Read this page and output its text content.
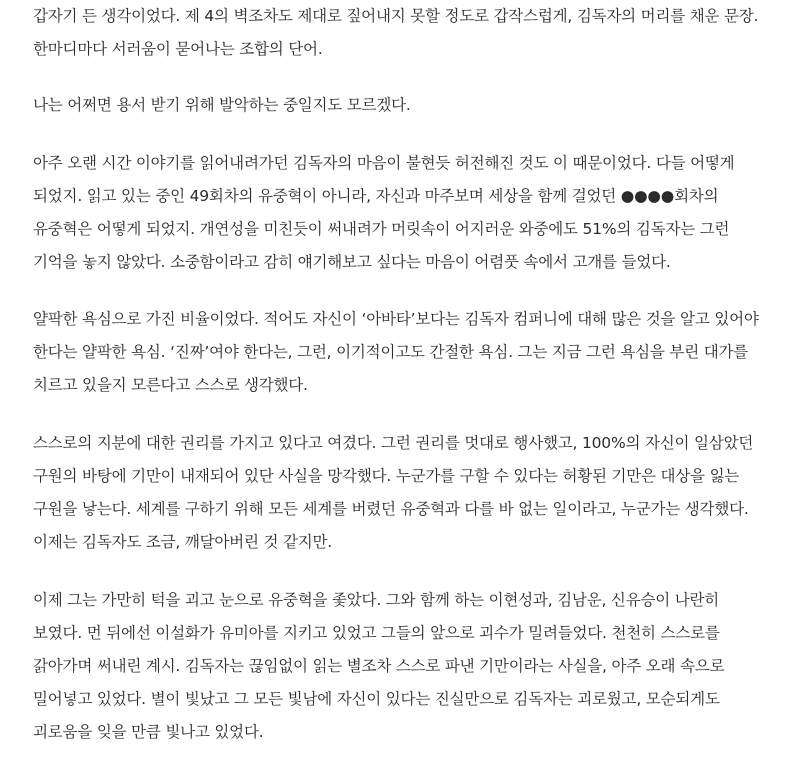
갑자기 든 생각이었다. 제 4의 벽조차도 제대로 짚어내지 못할 정도로 갑작스럽게, 김독자의 머리를 채운 문장. 한마디마다 서러움이 묻어나는 조합의 단어.

나는 어쩌면 용서 받기 위해 발악하는 중일지도 모르겠다.

아주 오랜 시간 이야기를 읽어내려가던 김독자의 마음이 불현듯 허전해진 것도 이 때문이었다. 다들 어떻게 되었지. 읽고 있는 중인 49회차의 유중혁이 아니라, 자신과 마주보며 세상을 함께 걸었던 ●●●●회차의 유중혁은 어떻게 되었지. 개연성을 미친듯이 써내려가 머릿속이 어지러운 와중에도 51%의 김독자는 그런 기억을 놓지 않았다. 소중함이라고 감히 얘기해보고 싶다는 마음이 어렴풋 속에서 고개를 들었다.

얄팍한 욕심으로 가진 비율이었다. 적어도 자신이 ‘아바타’보다는 김독자 컴퍼니에 대해 많은 것을 알고 있어야 한다는 얄팍한 욕심. ‘진짜’여야 한다는, 그런, 이기적이고도 간절한 욕심. 그는 지금 그런 욕심을 부린 대가를 치르고 있을지 모른다고 스스로 생각했다.

스스로의 지분에 대한 권리를 가지고 있다고 여겼다. 그런 권리를 멋대로 행사했고, 100%의 자신이 일삼았던 구원의 바탕에 기만이 내재되어 있단 사실을 망각했다. 누군가를 구할 수 있다는 허황된 기만은 대상을 잃는 구원을 낳는다. 세계를 구하기 위해 모든 세계를 버렸던 유중혁과 다를 바 없는 일이라고, 누군가는 생각했다. 이제는 김독자도 조금, 깨달아버린 것 같지만.

이제 그는 가만히 턱을 괴고 눈으로 유중혁을 좇았다. 그와 함께 하는 이현성과, 김남운, 신유승이 나란히 보였다. 먼 뒤에선 이설화가 유미아를 지키고 있었고 그들의 앞으로 괴수가 밀려들었다. 천천히 스스로를 갉아가며 써내린 계시. 김독자는 끊임없이 읽는 별조차 스스로 파낸 기만이라는 사실을, 아주 오래 속으로 밀어넣고 있었다. 별이 빛났고 그 모든 빛남에 자신이 있다는 진실만으로 김독자는 괴로웠고, 모순되게도 괴로움을 잊을 만큼 빛나고 있었다.
